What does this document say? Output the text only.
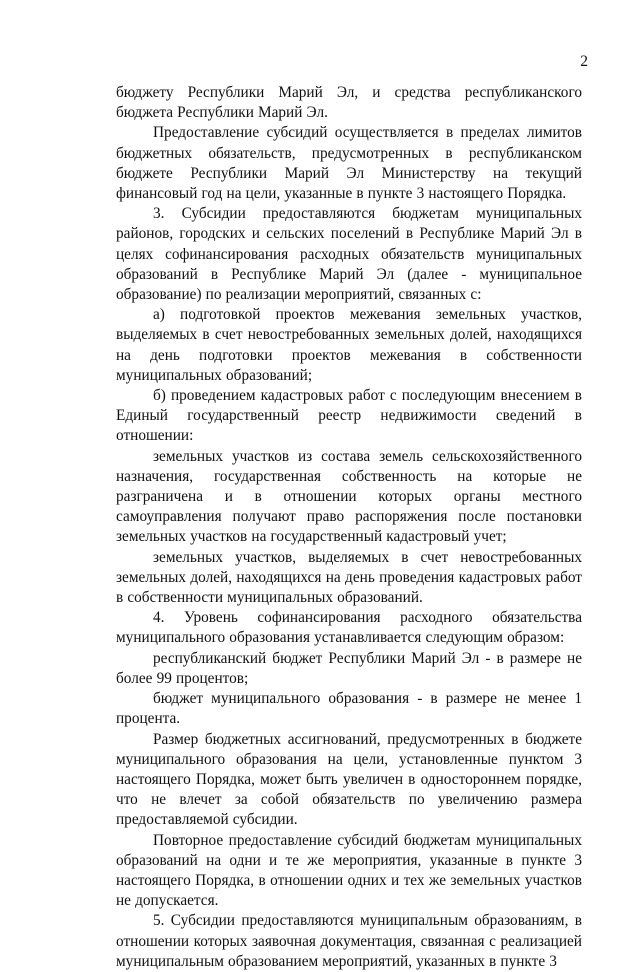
2

бюджету Республики Марий Эл, и средства республиканского бюджета Республики Марий Эл.

Предоставление субсидий осуществляется в пределах лимитов бюджетных обязательств, предусмотренных в республиканском бюджете Республики Марий Эл Министерству на текущий финансовый год на цели, указанные в пункте 3 настоящего Порядка.

3. Субсидии предоставляются бюджетам муниципальных районов, городских и сельских поселений в Республике Марий Эл в целях софинансирования расходных обязательств муниципальных образований в Республике Марий Эл (далее - муниципальное образование) по реализации мероприятий, связанных с:

а) подготовкой проектов межевания земельных участков, выделяемых в счет невостребованных земельных долей, находящихся на день подготовки проектов межевания в собственности муниципальных образований;

б) проведением кадастровых работ с последующим внесением в Единый государственный реестр недвижимости сведений в отношении:

земельных участков из состава земель сельскохозяйственного назначения, государственная собственность на которые не разграничена и в отношении которых органы местного самоуправления получают право распоряжения после постановки земельных участков на государственный кадастровый учет;

земельных участков, выделяемых в счет невостребованных земельных долей, находящихся на день проведения кадастровых работ в собственности муниципальных образований.

4. Уровень софинансирования расходного обязательства муниципального образования устанавливается следующим образом:

республиканский бюджет Республики Марий Эл - в размере не более 99 процентов;

бюджет муниципального образования - в размере не менее 1 процента.

Размер бюджетных ассигнований, предусмотренных в бюджете муниципального образования на цели, установленные пунктом 3 настоящего Порядка, может быть увеличен в одностороннем порядке, что не влечет за собой обязательств по увеличению размера предоставляемой субсидии.

Повторное предоставление субсидий бюджетам муниципальных образований на одни и те же мероприятия, указанные в пункте 3 настоящего Порядка, в отношении одних и тех же земельных участков не допускается.

5. Субсидии предоставляются муниципальным образованиям, в отношении которых заявочная документация, связанная с реализацией муниципальным образованием мероприятий, указанных в пункте 3
